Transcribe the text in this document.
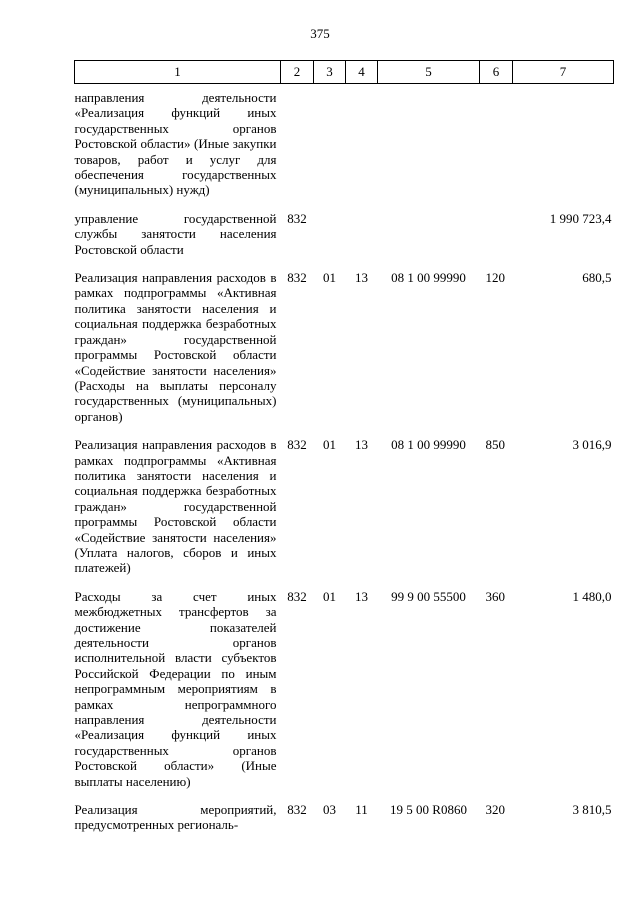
375
1	2	3	4	5	6	7
направления деятельности «Реализация функций иных государственных органов Ростовской области» (Иные закупки товаров, работ и услуг для обеспечения государственных (муниципальных) нужд)						
управление государственной службы занятости населения Ростовской области	832					1 990 723,4
Реализация направления расходов в рамках подпрограммы «Активная политика занятости населения и социальная поддержка безработных граждан» государственной программы Ростовской области «Содействие занятости населения» (Расходы на выплаты персоналу государственных (муниципальных) органов)	832	01	13	08 1 00 99990	120	680,5
Реализация направления расходов в рамках подпрограммы «Активная политика занятости населения и социальная поддержка безработных граждан» государственной программы Ростовской области «Содействие занятости населения» (Уплата налогов, сборов и иных платежей)	832	01	13	08 1 00 99990	850	3 016,9
Расходы за счет иных межбюджетных трансфертов за достижение показателей деятельности органов исполнительной власти субъектов Российской Федерации по иным непрограммным мероприятиям в рамках непрограммного направления деятельности «Реализация функций иных государственных органов Ростовской области» (Иные выплаты населению)	832	01	13	99 9 00 55500	360	1 480,0
Реализация мероприятий, предусмотренных региональ-	832	03	11	19 5 00 R0860	320	3 810,5
